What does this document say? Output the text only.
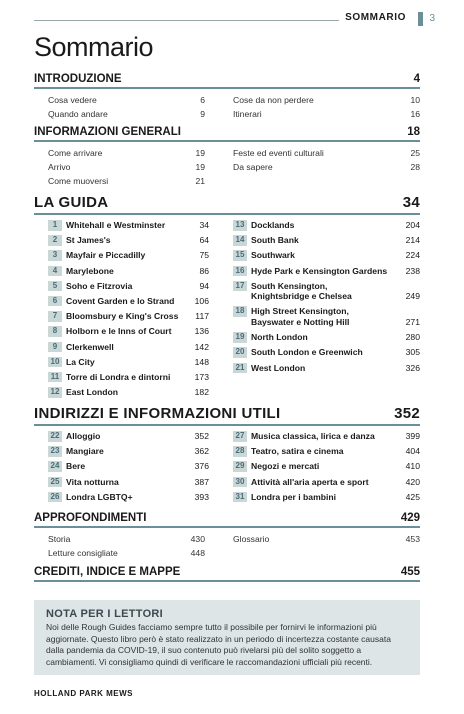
SOMMARIO 3
Sommario
INTRODUZIONE	4
Cosa vedere	6
Quando andare	9
Cose da non perdere	10
Itinerari	16
INFORMAZIONI GENERALI	18
Come arrivare	19
Arrivo	19
Come muoversi	21
Feste ed eventi culturali	25
Da sapere	28
LA GUIDA	34
1	Whitehall e Westminster	34
2	St James's	64
3	Mayfair e Piccadilly	75
4	Marylebone	86
5	Soho e Fitzrovia	94
6	Covent Garden e lo Strand	106
7	Bloomsbury e King's Cross	117
8	Holborn e le Inns of Court	136
9	Clerkenwell	142
10 La City	148
11 Torre di Londra e dintorni	173
12 East London	182
13 Docklands	204
14 South Bank	214
15 Southwark	224
16 Hyde Park e Kensington Gardens	238
17 South Kensington, Knightsbridge e Chelsea	249
18 High Street Kensington, Bayswater e Notting Hill	271
19 North London	280
20 South London e Greenwich	305
21 West London	326
INDIRIZZI E INFORMAZIONI UTILI	352
22 Alloggio	352
23 Mangiare	362
24 Bere	376
25 Vita notturna	387
26 Londra LGBTQ+	393
27 Musica classica, lirica e danza	399
28 Teatro, satira e cinema	404
29 Negozi e mercati	410
30 Attività all'aria aperta e sport	420
31 Londra per i bambini	425
APPROFONDIMENTI	429
Storia	430
Letture consigliate	448
Glossario	453
CREDITI, INDICE E MAPPE	455
NOTA PER I LETTORI
Noi delle Rough Guides facciamo sempre tutto il possibile per fornirvi le informazioni più aggiornate. Questo libro però è stato realizzato in un periodo di incertezza costante causata dalla pandemia da COVID-19, il suo contenuto può rivelarsi più del solito soggetto a cambiamenti. Vi consigliamo quindi di verificare le raccomandazioni ufficiali più recenti.
HOLLAND PARK MEWS
